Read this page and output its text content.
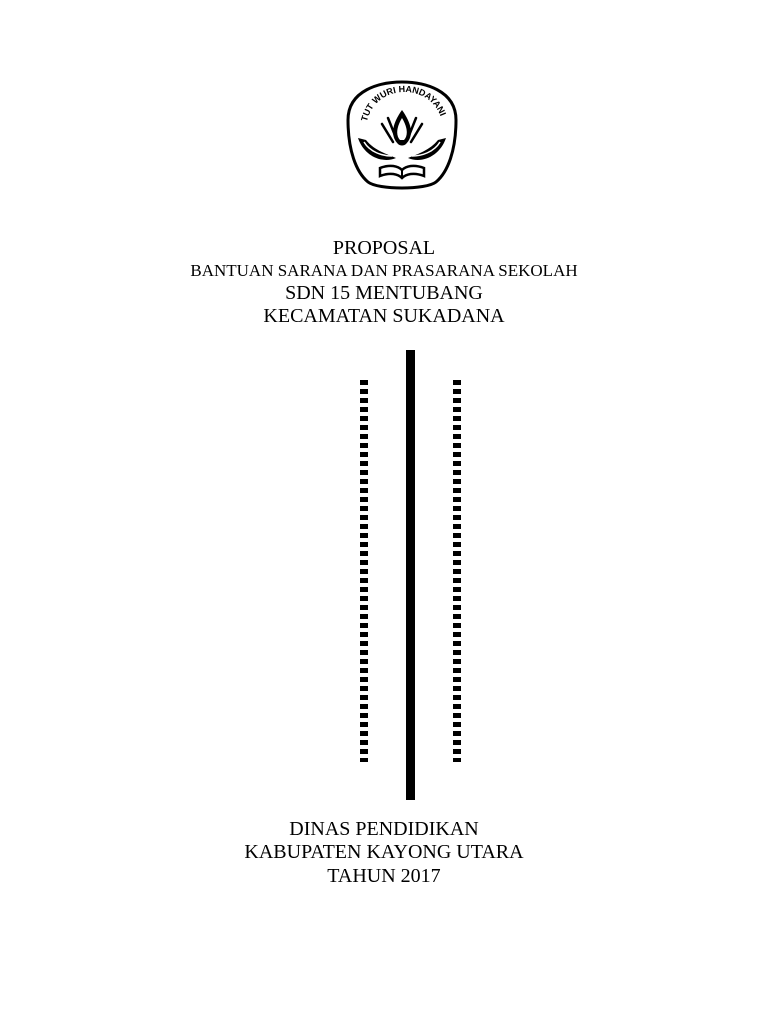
TUT WURI HANDAYANI
PROPOSAL
BANTUAN SARANA DAN PRASARANA SEKOLAH
SDN 15 MENTUBANG
KECAMATAN SUKADANA
DINAS PENDIDIKAN
KABUPATEN KAYONG UTARA
TAHUN 2017
